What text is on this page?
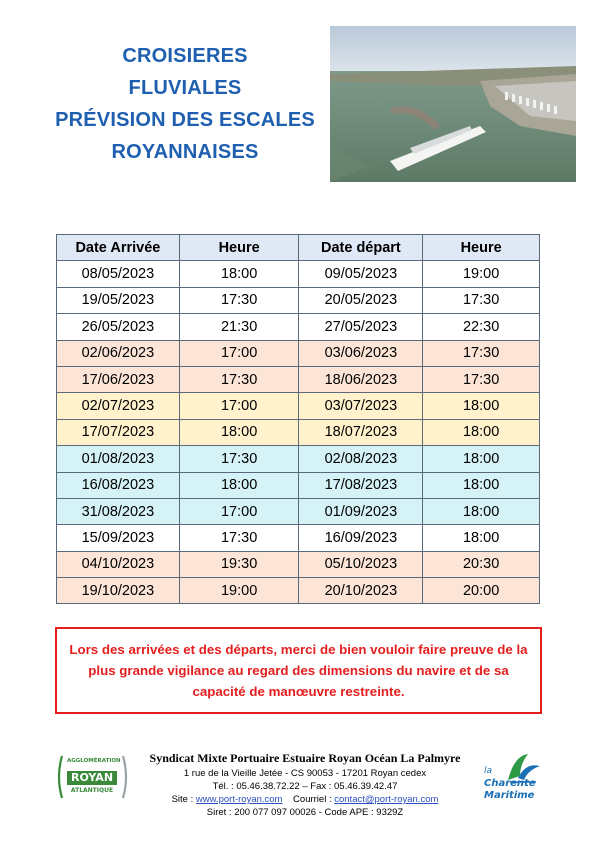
CROISIERES
FLUVIALES
PRÉVISION DES ESCALES
ROYANNAISES
Date Arrivée	Heure	Date départ	Heure
08/05/2023	18:00	09/05/2023	19:00
19/05/2023	17:30	20/05/2023	17:30
26/05/2023	21:30	27/05/2023	22:30
02/06/2023	17:00	03/06/2023	17:30
17/06/2023	17:30	18/06/2023	17:30
02/07/2023	17:00	03/07/2023	18:00
17/07/2023	18:00	18/07/2023	18:00
01/08/2023	17:30	02/08/2023	18:00
16/08/2023	18:00	17/08/2023	18:00
31/08/2023	17:00	01/09/2023	18:00
15/09/2023	17:30	16/09/2023	18:00
04/10/2023	19:30	05/10/2023	20:30
19/10/2023	19:00	20/10/2023	20:00
Lors des arrivées et des départs, merci de bien vouloir faire preuve de la plus grande vigilance au regard des dimensions du navire et de sa capacité de manœuvre restreinte.
AGGLOMÉRATION
ROYAN
ATLANTIQUE
Syndicat Mixte Portuaire Estuaire Royan Océan La Palmyre
1 rue de la Vieille Jetée - CS 90053 - 17201 Royan cedex
Tél. : 05.46.38.72.22 – Fax : 05.46.39.42.47
Site : www.port-royan.com Courriel : contact@port-royan.com
Siret : 200 077 097 00026 - Code APE : 9329Z
la
Charente
Maritime
